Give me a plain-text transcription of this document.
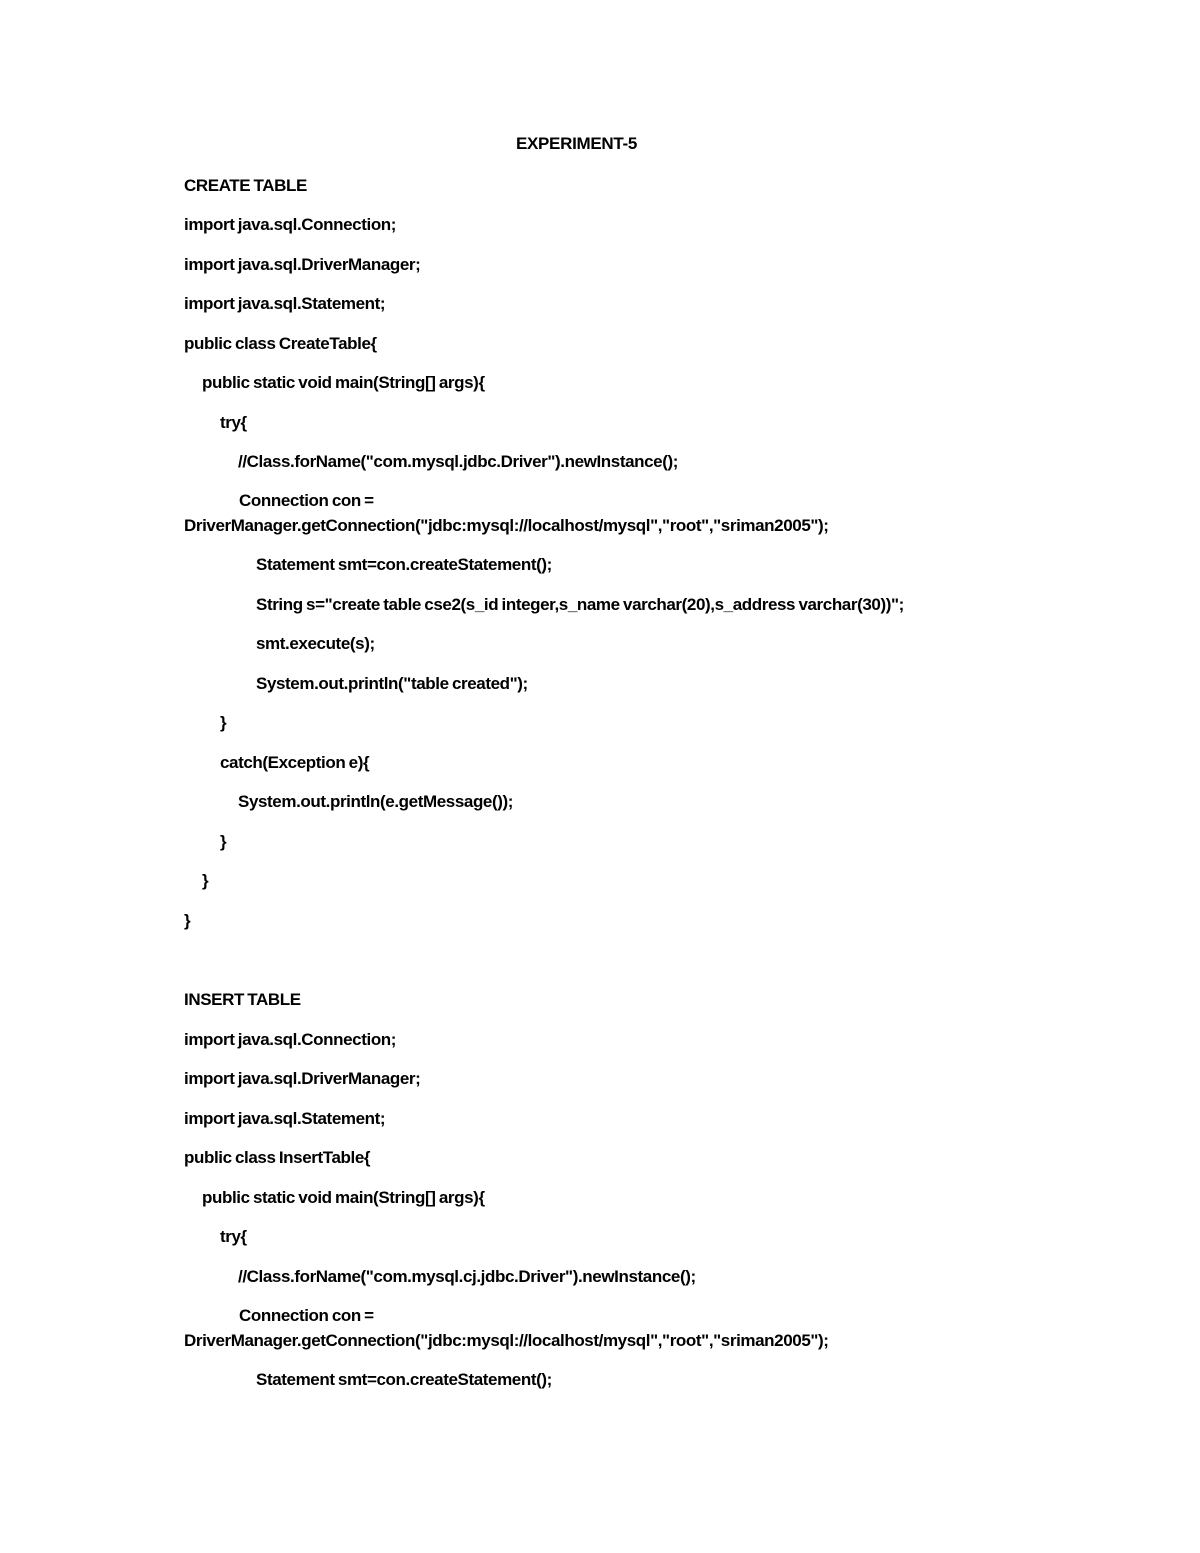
EXPERIMENT-5
CREATE TABLE
import java.sql.Connection;
import java.sql.DriverManager;
import java.sql.Statement;
public class CreateTable{
public static void main(String[] args){
try{
//Class.forName("com.mysql.jdbc.Driver").newInstance();
Connection con =
DriverManager.getConnection("jdbc:mysql://localhost/mysql","root","sriman2005");
Statement smt=con.createStatement();
String s="create table cse2(s_id integer,s_name varchar(20),s_address varchar(30))";
smt.execute(s);
System.out.println("table created");
}
catch(Exception e){
System.out.println(e.getMessage());
}
}
}
INSERT TABLE
import java.sql.Connection;
import java.sql.DriverManager;
import java.sql.Statement;
public class InsertTable{
public static void main(String[] args){
try{
//Class.forName("com.mysql.cj.jdbc.Driver").newInstance();
Connection con =
DriverManager.getConnection("jdbc:mysql://localhost/mysql","root","sriman2005");
Statement smt=con.createStatement();
